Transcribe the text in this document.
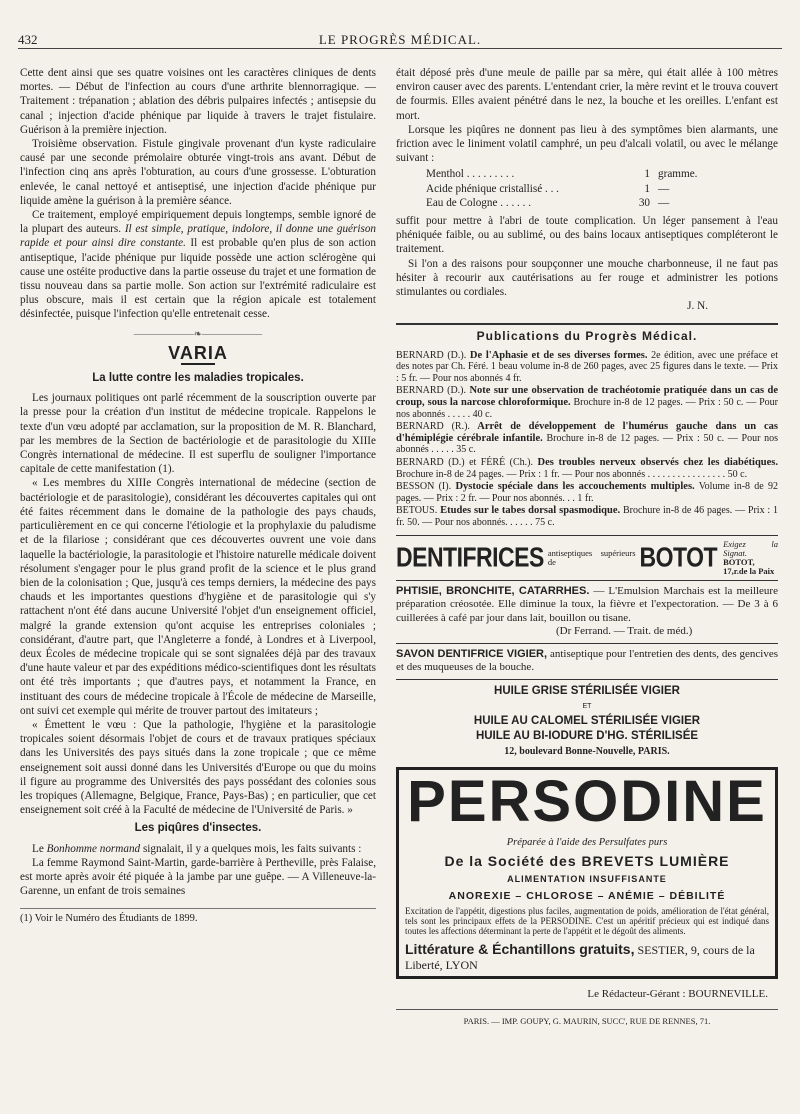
432	LE PROGRÈS MÉDICAL.

Cette dent ainsi que ses quatre voisines ont les caractères cliniques de dents mortes. — Début de l'infection au cours d'une arthrite blennorragique. — Traitement : trépanation ; ablation des débris pulpaires infectés ; antisepsie du canal ; injection d'acide phénique par liquide à travers le trajet fistulaire. Guérison à la première injection.

Troisième observation. Fistule gingivale provenant d'un kyste radiculaire causé par une seconde prémolaire obturée vingt-trois ans avant. Début de l'infection cinq ans après l'obturation, au cours d'une grossesse. L'obturation enlevée, le canal nettoyé et antiseptisé, une injection d'acide phénique pur liquide amène la guérison à la première séance.

Ce traitement, employé empiriquement depuis longtemps, semble ignoré de la plupart des auteurs. Il est simple, pratique, indolore, il donne une guérison rapide et pour ainsi dire constante. Il est probable qu'en plus de son action antiseptique, l'acide phénique pur liquide possède une action sclérogène qui cause une ostéite productive dans la partie osseuse du trajet et une formation de tissu nouveau dans sa partie molle. Son action sur l'extrémité radiculaire est plus obscure, mais il est certain que la région apicale est totalement désinfectée, puisque l'infection qu'elle entretenait cesse.

——————❧——————
VARIA
La lutte contre les maladies tropicales.

Les journaux politiques ont parlé récemment de la souscription ouverte par la presse pour la création d'un institut de médecine tropicale. Rappelons le texte d'un vœu adopté par acclamation, sur la proposition de M. R. Blanchard, par les membres de la Section de bactériologie et de parasitologie du XIIIe Congrès international de médecine. Il est superflu de souligner l'importance capitale de cette manifestation (1).

« Les membres du XIIIe Congrès international de médecine (section de bactériologie et de parasitologie), considérant les découvertes capitales qui ont été faites récemment dans le domaine de la pathologie des pays chauds, particulièrement en ce qui concerne l'étiologie et la prophylaxie du paludisme et de la filariose ; considérant que ces découvertes ouvrent une voie dans laquelle la bactériologie, la parasitologie et l'histoire naturelle médicale doivent résolument s'engager pour le plus grand profit de la science et le plus grand bien de la colonisation ; Que, jusqu'à ces temps derniers, la médecine des pays chauds et les importantes questions d'hygiène et de parasitologie qui s'y rattachent n'ont été dans aucune Université l'objet d'un enseignement officiel, malgré la grande extension qu'ont acquise les entreprises coloniales ; considérant, d'autre part, que l'Angleterre a fondé, à Londres et à Liverpool, deux Écoles de médecine tropicale qui se sont signalées déjà par des travaux d'une haute valeur et par des expéditions médico-scientifiques dont les résultats ont été très importants ; que d'autres pays, et notamment la France, en instituant des cours de médecine tropicale à l'École de médecine de Marseille, ont suivi cet exemple qui mérite de trouver partout des imitateurs ;

« Émettent le vœu : Que la pathologie, l'hygiène et la parasitologie tropicales soient désormais l'objet de cours et de travaux pratiques spéciaux dans les Universités des pays situés dans la zone tropicale ; que ce même enseignement soit aussi donné dans les Universités d'Europe ou que du moins il figure au programme des Universités des pays possédant des colonies sous les tropiques (Allemagne, Belgique, France, Pays-Bas) ; en particulier, que cet enseignement soit créé à la Faculté de médecine de l'Université de Paris. »

Les piqûres d'insectes.

Le Bonhomme normand signalait, il y a quelques mois, les faits suivants :

La femme Raymond Saint-Martin, garde-barrière à Pertheville, près Falaise, est morte après avoir été piquée à la jambe par une guêpe. — A Villeneuve-la-Garenne, un enfant de trois semaines

(1) Voir le Numéro des Étudiants de 1899.

était déposé près d'une meule de paille par sa mère, qui était allée à 100 mètres environ causer avec des parents. L'entendant crier, la mère revint et le trouva couvert de fourmis. Elles avaient pénétré dans le nez, la bouche et les oreilles. L'enfant est mort.

Lorsque les piqûres ne donnent pas lieu à des symptômes bien alarmants, une friction avec le liniment volatil camphré, un peu d'alcali volatil, ou avec le mélange suivant :

Menthol . . . . . . . . .	1 gramme.
Acide phénique cristallisé . . .	1 —
Eau de Cologne . . . . . .	30 —

suffit pour mettre à l'abri de toute complication. Un léger pansement à l'eau phéniquée faible, ou au sublimé, ou des bains locaux antiseptiques compléteront le traitement.

Si l'on a des raisons pour soupçonner une mouche charbonneuse, il ne faut pas hésiter à recourir aux cautérisations au fer rouge et administrer les potions stimulantes ou cordiales.

J. N.
Publications du Progrès Médical.

BERNARD (D.). De l'Aphasie et de ses diverses formes. 2e édition, avec une préface et des notes par Ch. Féré. 1 beau volume in-8 de 260 pages, avec 25 figures dans le texte. — Prix : 5 fr. — Pour nos abonnés 4 fr.

BERNARD (D.). Note sur une observation de trachéotomie pratiquée dans un cas de croup, sous la narcose chloroformique. Brochure in-8 de 12 pages. — Prix : 50 c. — Pour nos abonnés . . . . . 40 c.

BERNARD (R.). Arrêt de développement de l'humérus gauche dans un cas d'hémiplégie cérébrale infantile. Brochure in-8 de 12 pages. — Prix : 50 c. — Pour nos abonnés . . . . . 35 c.

BERNARD (D.) et FÉRÉ (Ch.). Des troubles nerveux observés chez les diabétiques. Brochure in-8 de 24 pages. — Prix : 1 fr. — Pour nos abonnés . . . . . . . . . . . . . . . . 50 c.

BESSON (I). Dystocie spéciale dans les accouchements multiples. Volume in-8 de 92 pages. — Prix : 2 fr. — Pour nos abonnés. . . 1 fr.

BETOUS. Etudes sur le tabes dorsal spasmodique. Brochure in-8 de 46 pages. — Prix : 1 fr. 50. — Pour nos abonnés. . . . . . 75 c.

DENTIFRICES antiseptiques supérieurs de	BOTOT Exigez la Signat.
BOTOT,
17,r.de la Paix

PHTISIE, BRONCHITE, CATARRHES. — L'Emulsion Marchais est la meilleure préparation créosotée. Elle diminue la toux, la fièvre et l'expectoration. — De 3 à 6 cuillerées à café par jour dans lait, bouillon ou tisane.
(Dr Ferrand. — Trait. de méd.)

SAVON DENTIFRICE VIGIER, antiseptique pour l'entretien des dents, des gencives et des muqueuses de la bouche.

HUILE GRISE STÉRILISÉE VIGIER
ET
HUILE AU CALOMEL STÉRILISÉE VIGIER
HUILE AU BI-IODURE D'HG. STÉRILISÉE
12, boulevard Bonne-Nouvelle, PARIS.
PERSODINE
Préparée à l'aide des Persulfates purs
De la Société des BREVETS LUMIÈRE
ALIMENTATION INSUFFISANTE
ANOREXIE – CHLOROSE – ANÉMIE – DÉBILITÉ
Excitation de l'appétit, digestions plus faciles, augmentation de poids, amélioration de l'état général, tels sont les principaux effets de la PERSODINE. C'est un apéritif précieux qui est indiqué dans toutes les affections déterminant la perte de l'appétit et le dégoût des aliments.
Littérature & Échantillons gratuits, SESTIER, 9, cours de la Liberté, LYON
Le Rédacteur-Gérant : BOURNEVILLE.
PARIS. — IMP. GOUPY, G. MAURIN, SUCC', RUE DE RENNES, 71.
